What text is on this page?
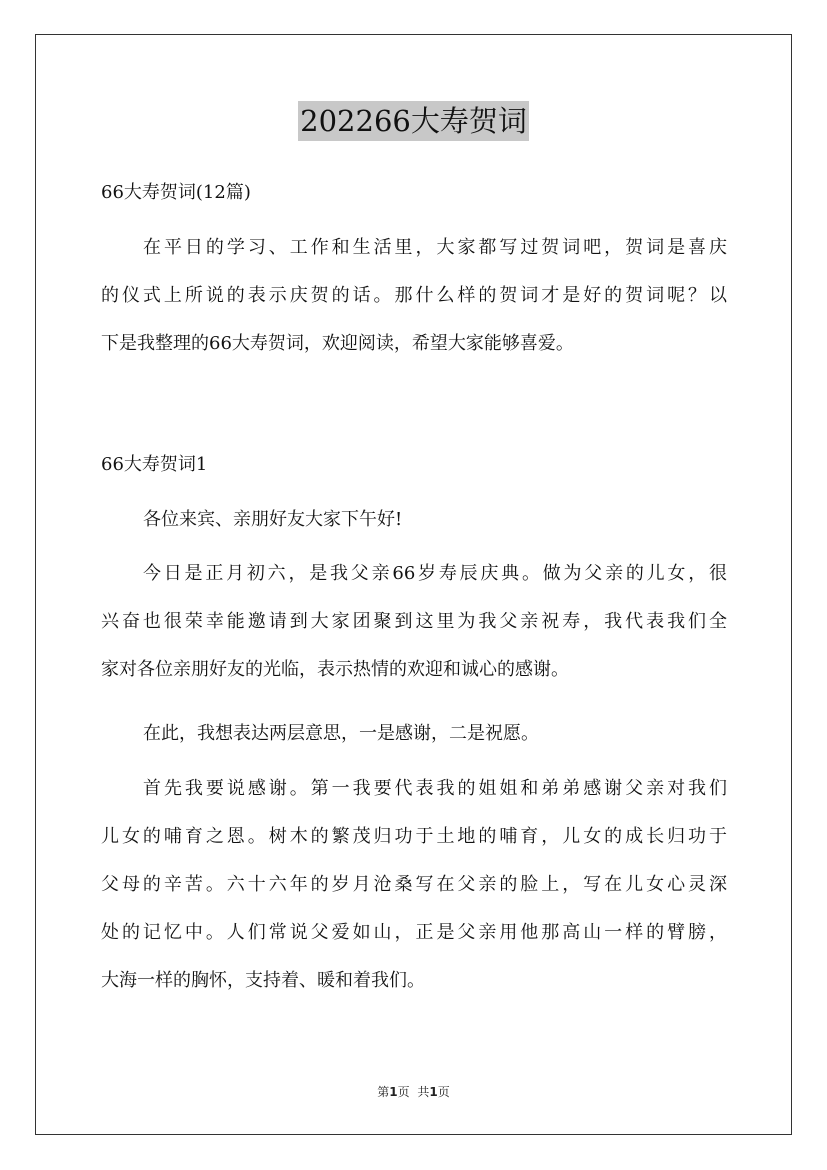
202266大寿贺词
66大寿贺词(12篇)
在平日的学习、工作和生活里，大家都写过贺词吧，贺词是喜庆
的仪式上所说的表示庆贺的话。那什么样的贺词才是好的贺词呢？以
下是我整理的66大寿贺词，欢迎阅读，希望大家能够喜爱。
66大寿贺词1
各位来宾、亲朋好友大家下午好!
今日是正月初六，是我父亲66岁寿辰庆典。做为父亲的儿女，很
兴奋也很荣幸能邀请到大家团聚到这里为我父亲祝寿，我代表我们全
家对各位亲朋好友的光临，表示热情的欢迎和诚心的感谢。
在此，我想表达两层意思，一是感谢，二是祝愿。
首先我要说感谢。第一我要代表我的姐姐和弟弟感谢父亲对我们
儿女的哺育之恩。树木的繁茂归功于土地的哺育，儿女的成长归功于
父母的辛苦。六十六年的岁月沧桑写在父亲的脸上，写在儿女心灵深
处的记忆中。人们常说父爱如山，正是父亲用他那高山一样的臂膀，
大海一样的胸怀，支持着、暖和着我们。
第1页 共1页
